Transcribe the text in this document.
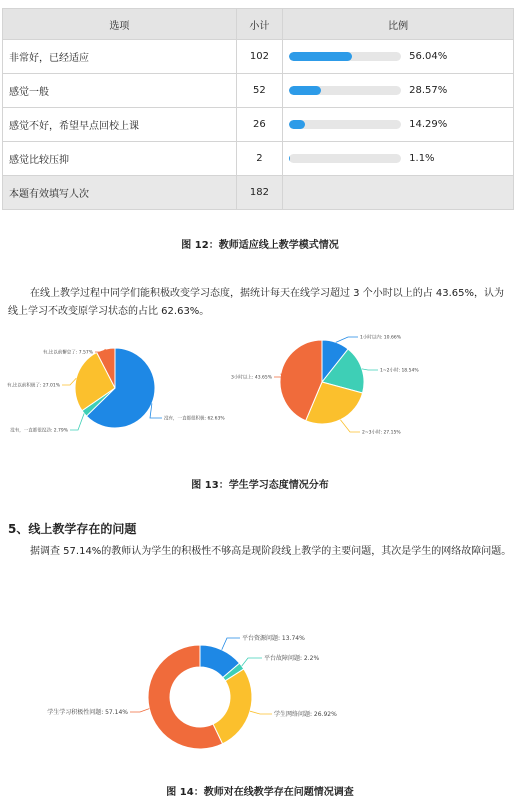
选项	小计	比例
非常好，已经适应	102	56.04%

感觉一般	52	28.57%

感觉不好，希望早点回校上课	26	14.29%

感觉比较压抑	2	1.1%

本题有效填写人次	182	
图 12：教师适应线上教学模式情况
在线上教学过程中同学们能积极改变学习态度，据统计每天在线学习超过 3 个小时以上的占 43.65%，认为线上学习不改变原学习状态的占比 62.63%。
没有，一直都很积极: 62.63%
没有，一直都很没劲: 2.79%
有,比以前积极了: 27.01%
有,比以前懈怠了: 7.57%
1小时以内: 10.66%
1~2小时: 18.54%
2~3小时: 27.15%
3小时以上: 43.65%
图 13：学生学习态度情况分布
5、线上教学存在的问题
据调查 57.14%的教师认为学生的积极性不够高是现阶段线上教学的主要问题，其次是学生的网络故障问题。
平台资源问题: 13.74%
平台故障问题: 2.2%
学生网络问题: 26.92%
学生学习积极性问题: 57.14%
图 14：教师对在线教学存在问题情况调查
